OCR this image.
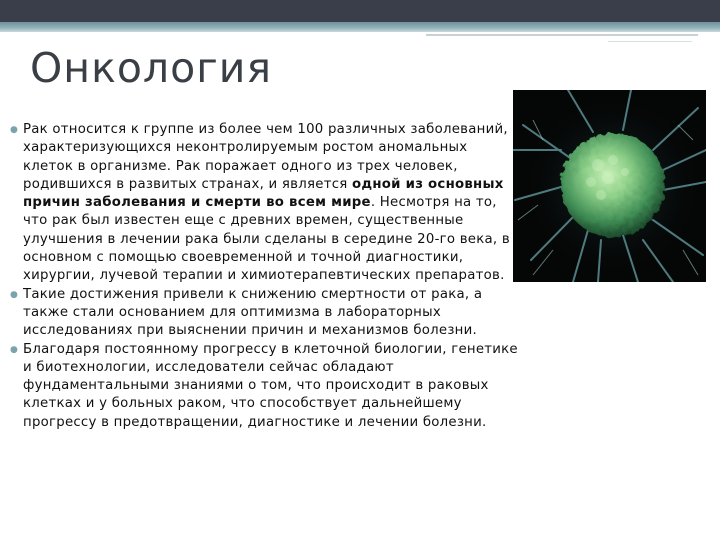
Онкология
● Рак относится к группе из более чем 100 различных заболеваний, характеризующихся неконтролируемым ростом аномальных клеток в организме. Рак поражает одного из трех человек, родившихся в развитых странах, и является одной из основных причин заболевания и смерти во всем мире. Несмотря на то, что рак был известен еще с древних времен, существенные улучшения в лечении рака были сделаны в середине 20-го века, в основном с помощью своевременной и точной диагностики, хирургии, лучевой терапии и химиотерапевтических препаратов.
● Такие достижения привели к снижению смертности от рака, а также стали основанием для оптимизма в лабораторных исследованиях при выяснении причин и механизмов болезни.
● Благодаря постоянному прогрессу в клеточной биологии, генетике и биотехнологии, исследователи сейчас обладают фундаментальными знаниями о том, что происходит в раковых клетках и у больных раком, что способствует дальнейшему прогрессу в предотвращении, диагностике и лечении болезни.
